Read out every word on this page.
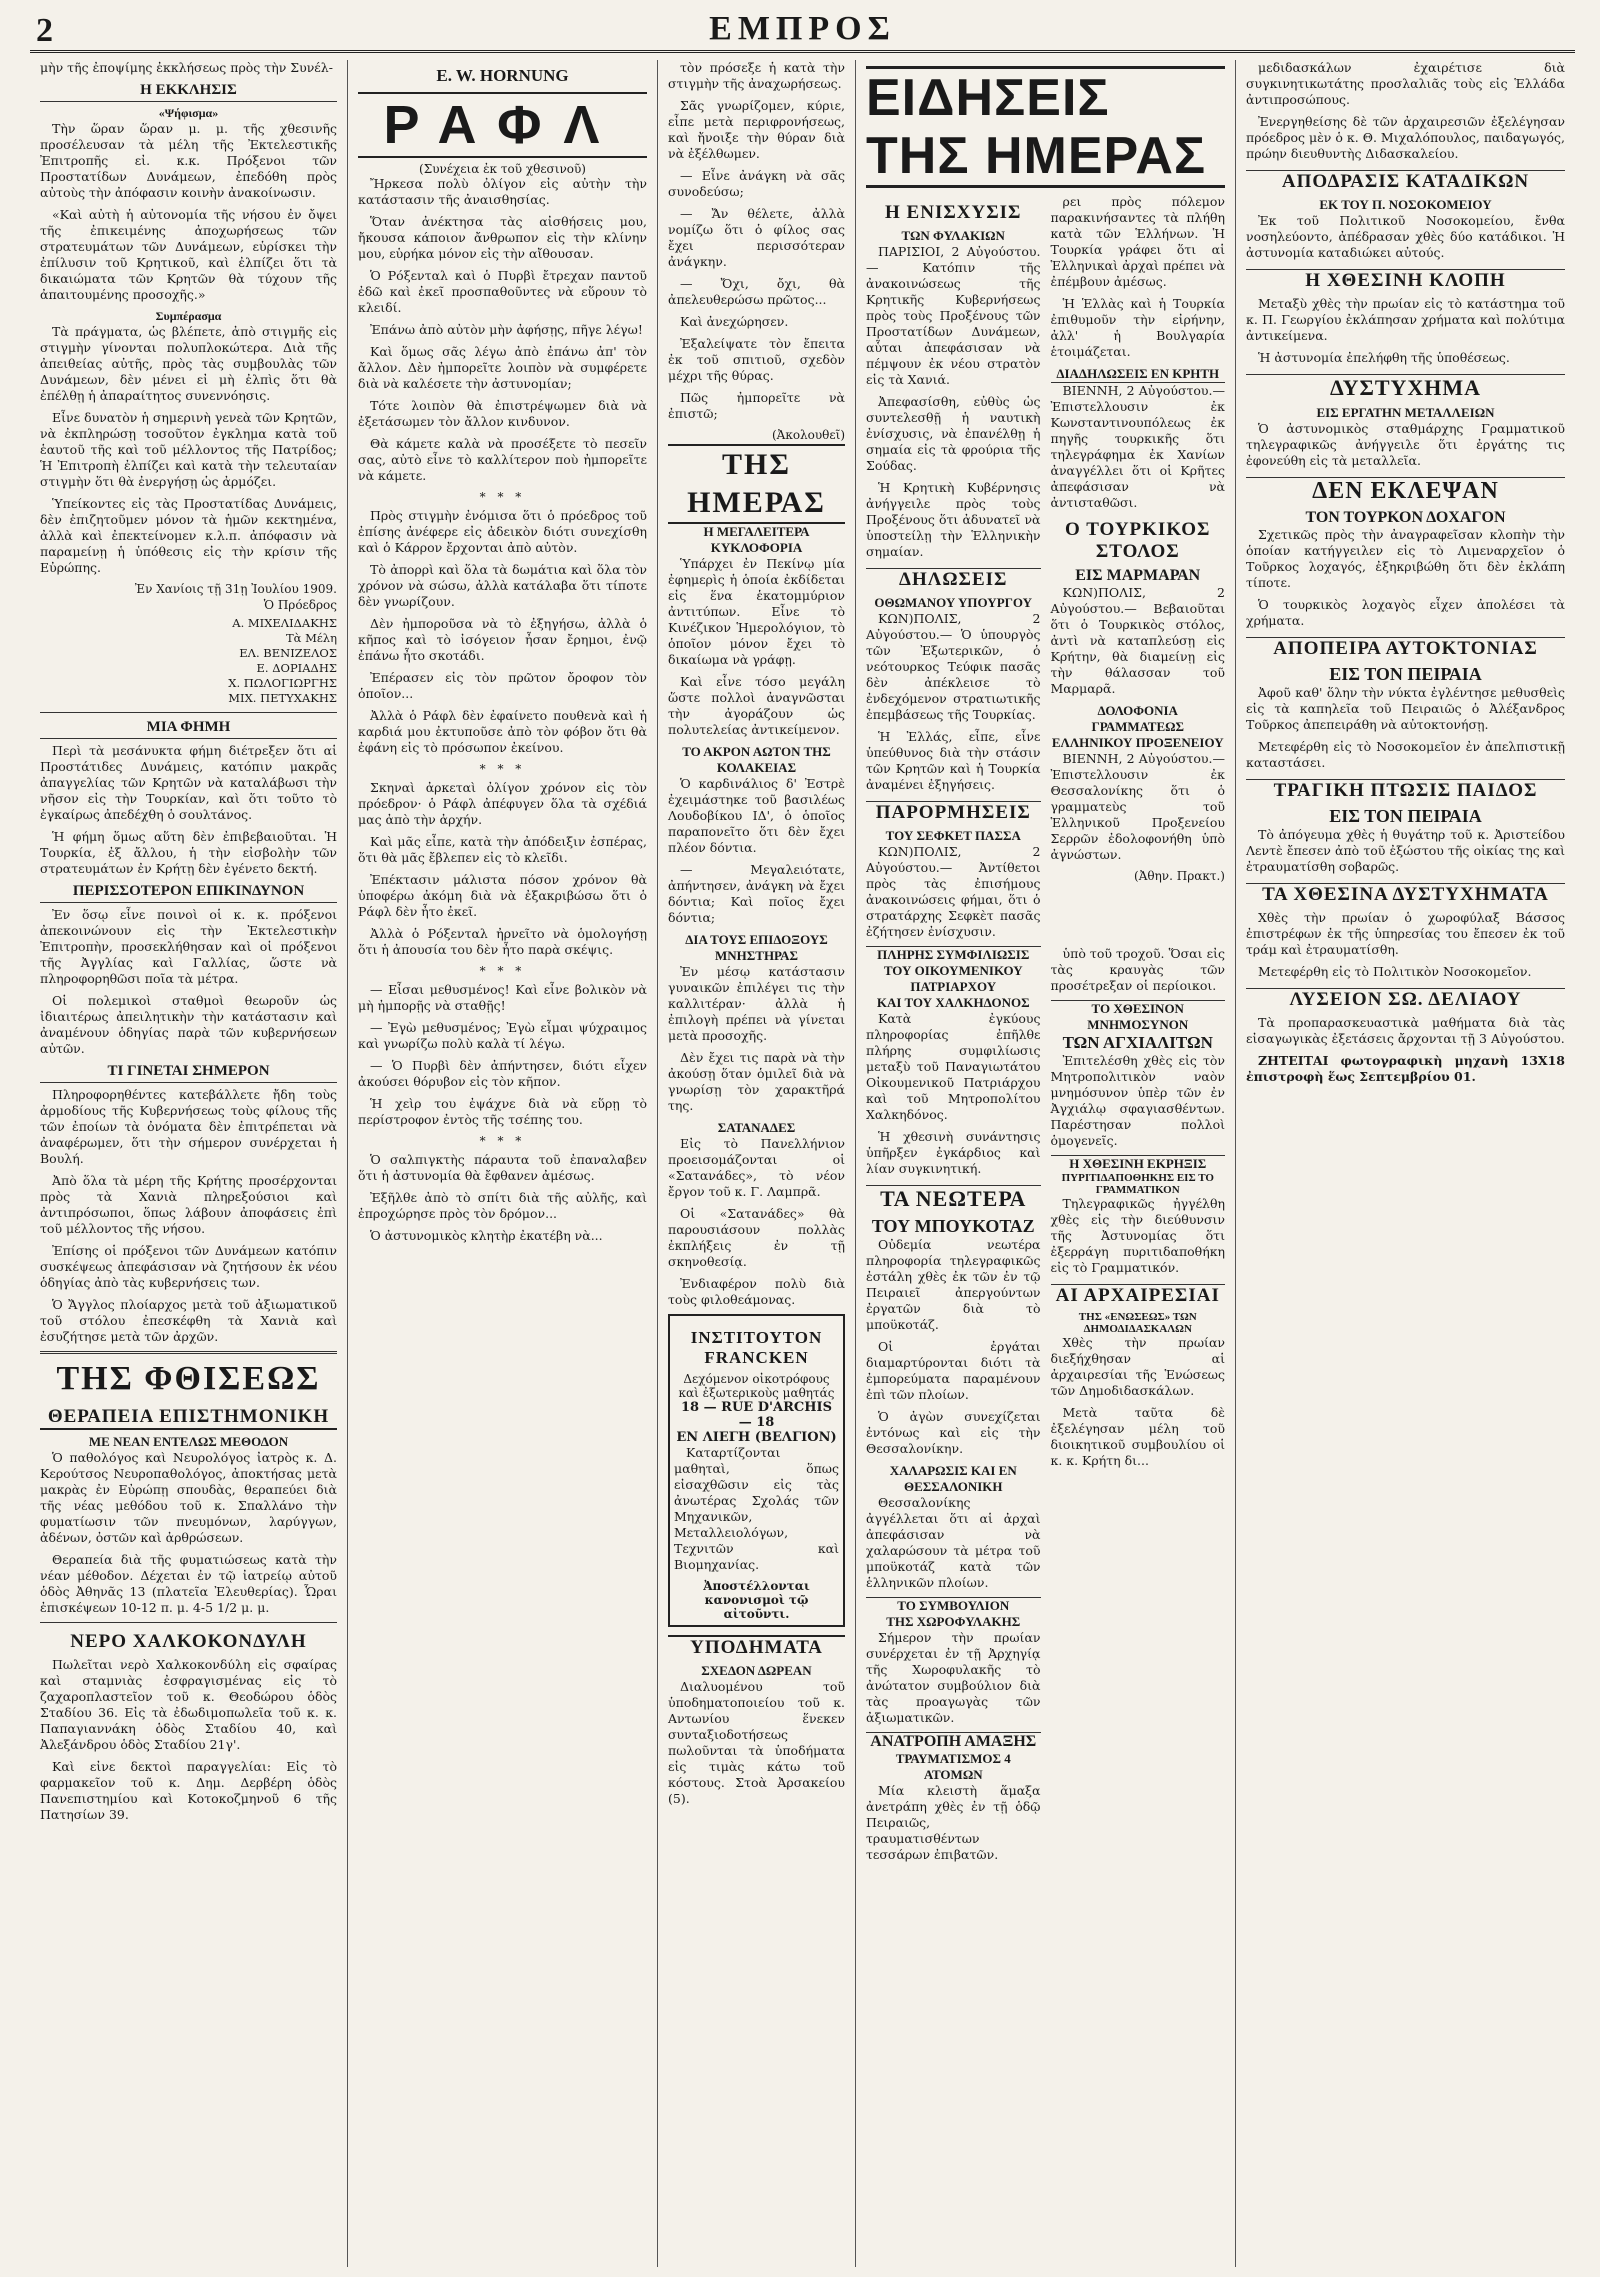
2	ΕΜΠΡΟΣ

μὴν τῆς ἐποψίμης ἐκκλήσεως πρὸς τὴν Συνέλ-

Η ΕΚΚΛΗΣΙΣ
«Ψήφισμα»

Τὴν ὥραν ὥραν μ. μ. τῆς χθεσινῆς προσέλευσαν τὰ μέλη τῆς Ἐκτελεστικῆς Ἐπιτροπῆς εἰ. κ.κ. Πρόξενοι τῶν Προστατίδων Δυνάμεων, ἐπεδόθη πρὸς αὐτοὺς τὴν ἀπόφασιν κοινὴν ἀνακοίνωσιν.

«Καὶ αὐτὴ ἡ αὐτονομία τῆς νήσου ἐν ὄψει τῆς ἐπικειμένης ἀποχωρήσεως τῶν στρατευμάτων τῶν Δυνάμεων, εὑρίσκει τὴν ἐπίλυσιν τοῦ Κρητικοῦ, καὶ ἐλπίζει ὅτι τὰ δικαιώματα τῶν Κρητῶν θὰ τύχουν τῆς ἀπαιτουμένης προσοχῆς.»

Συμπέρασμα

Τὰ πράγματα, ὡς βλέπετε, ἀπὸ στιγμῆς εἰς στιγμὴν γίνονται πολυπλοκώτερα. Διὰ τῆς ἀπειθείας αὐτῆς, πρὸς τὰς συμβουλὰς τῶν Δυνάμεων, δὲν μένει εἰ μὴ ἐλπὶς ὅτι θὰ ἐπέλθῃ ἡ ἀπαραίτητος συνεννόησις.

Εἶνε δυνατὸν ἡ σημερινὴ γενεὰ τῶν Κρητῶν, νὰ ἐκπληρώσῃ τοσοῦτον ἐγκλημα κατὰ τοῦ ἑαυτοῦ τῆς καὶ τοῦ μέλλοντος τῆς Πατρίδος; Ἡ Ἐπιτροπὴ ἐλπίζει καὶ κατὰ τὴν τελευταίαν στιγμὴν ὅτι θὰ ἐνεργήσῃ ὡς ἀρμόζει.

Ὑπείκοντες εἰς τὰς Προστατίδας Δυνάμεις, δὲν ἐπιζητοῦμεν μόνον τὰ ἡμῶν κεκτημένα, ἀλλὰ καὶ ἐπεκτείνομεν κ.λ.π. ἀπόφασιν νὰ παραμείνῃ ἡ ὑπόθεσις εἰς τὴν κρίσιν τῆς Εὐρώπης.

Ἐν Χανίοις τῇ 31ῃ Ἰουλίου 1909.
Ὁ Πρόεδρος
Α. ΜΙΧΕΛΙΔΑΚΗΣ
Τὰ Μέλη
ΕΛ. ΒΕΝΙΖΕΛΟΣ
Ε. ΔΟΡΙΑΔΗΣ
Χ. ΠΩΛΟΓΙΩΡΓΗΣ
ΜΙΧ. ΠΕΤΥΧΑΚΗΣ
ΜΙΑ ΦΗΜΗ

Περὶ τὰ μεσάνυκτα φήμη διέτρεξεν ὅτι αἱ Προστάτιδες Δυνάμεις, κατόπιν μακρᾶς ἀπαγγελίας τῶν Κρητῶν νὰ καταλάβωσι τὴν νῆσον εἰς τὴν Τουρκίαν, καὶ ὅτι τοῦτο τὸ ἐγκαίρως ἀπεδέχθη ὁ σουλτάνος.

Ἡ φήμη ὅμως αὕτη δὲν ἐπιβεβαιοῦται. Ἡ Τουρκία, ἐξ ἄλλου, ἡ τὴν εἰσβολὴν τῶν στρατευμάτων ἐν Κρήτῃ δὲν ἐγένετο δεκτή.

ΠΕΡΙΣΣΟΤΕΡΟΝ ΕΠΙΚΙΝΔΥΝΟΝ

Ἐν ὅσῳ εἶνε ποινοὶ οἱ κ. κ. πρόξενοι ἀπεκοινώνουν εἰς τὴν Ἐκτελεστικὴν Ἐπιτροπὴν, προσεκλήθησαν καὶ οἱ πρόξενοι τῆς Ἀγγλίας καὶ Γαλλίας, ὥστε νὰ πληροφορηθῶσι ποῖα τὰ μέτρα.

Οἱ πολεμικοὶ σταθμοὶ θεωροῦν ὡς ἰδιαιτέρως ἀπειλητικὴν τὴν κατάστασιν καὶ ἀναμένουν ὁδηγίας παρὰ τῶν κυβερνήσεων αὐτῶν.

ΤΙ ΓΙΝΕΤΑΙ ΣΗΜΕΡΟΝ

Πληροφορηθέντες κατεβάλλετε ἤδη τοὺς ἀρμοδίους τῆς Κυβερνήσεως τοὺς φίλους τῆς τῶν ἐποίων τὰ ὀνόματα δὲν ἐπιτρέπεται νὰ ἀναφέρωμεν, ὅτι τὴν σήμερον συνέρχεται ἡ Βουλή.

Ἀπὸ ὅλα τὰ μέρη τῆς Κρήτης προσέρχονται πρὸς τὰ Χανιὰ πληρεξούσιοι καὶ ἀντιπρόσωποι, ὅπως λάβουν ἀποφάσεις ἐπὶ τοῦ μέλλοντος τῆς νήσου.

Ἐπίσης οἱ πρόξενοι τῶν Δυνάμεων κατόπιν συσκέψεως ἀπεφάσισαν νὰ ζητήσουν ἐκ νέου ὁδηγίας ἀπὸ τὰς κυβερνήσεις των.

Ὁ Ἄγγλος πλοίαρχος μετὰ τοῦ ἀξιωματικοῦ τοῦ στόλου ἐπεσκέφθη τὰ Χανιὰ καὶ ἐσυζήτησε μετὰ τῶν ἀρχῶν.

ΤΗΣ ΦΘΙΣΕΩΣ
ΘΕΡΑΠΕΙΑ ΕΠΙΣΤΗΜΟΝΙΚΗ
ΜΕ ΝΕΑΝ ΕΝΤΕΛΩΣ ΜΕΘΟΔΟΝ

Ὁ παθολόγος καὶ Νευρολόγος ἰατρὸς κ. Δ. Κερούτσος Νευροπαθολόγος, ἀποκτήσας μετὰ μακρὰς ἐν Εὐρώπῃ σπουδὰς, θεραπεύει διὰ τῆς νέας μεθόδου τοῦ κ. Σπαλλάνο τὴν φυματίωσιν τῶν πνευμόνων, λαρύγγων, ἀδένων, ὀστῶν καὶ ἀρθρώσεων.

Θεραπεία διὰ τῆς φυματιώσεως κατὰ τὴν νέαν μέθοδον. Δέχεται ἐν τῷ ἰατρείῳ αὐτοῦ ὁδὸς Ἀθηνᾶς 13 (πλατεῖα Ἐλευθερίας). Ὧραι ἐπισκέψεων 10-12 π. μ. 4-5 1/2 μ. μ.

ΝΕΡΟ ΧΑΛΚΟΚΟΝΔΥΛΗ

Πωλεῖται νερὸ Χαλκοκονδύλη εἰς σφαίρας καὶ σταμνιὰς ἐσφραγισμένας εἰς τὸ ζαχαροπλαστεῖον τοῦ κ. Θεοδώρου ὁδὸς Σταδίου 36. Εἰς τὰ ἐδωδιμοπωλεῖα τοῦ κ. κ. Παπαγιαννάκη ὁδὸς Σταδίου 40, καὶ Ἀλεξάνδρου ὁδὸς Σταδίου 21γ'.

Καὶ εἰνε δεκτοὶ παραγγελίαι: Εἰς τὸ φαρμακεῖον τοῦ κ. Δημ. Δερβέρη ὁδὸς Πανεπιστημίου καὶ Κοτοκοζμηνοῦ 6 τῆς Πατησίων 39.

E. W. HORNUNG
ΡΑΦΛ
(Συνέχεια ἐκ τοῦ χθεσινοῦ)

Ἤρκεσα πολὺ ὀλίγον εἰς αὐτὴν τὴν κατάστασιν τῆς ἀναισθησίας.

Ὅταν ἀνέκτησα τὰς αἰσθήσεις μου, ἤκουσα κάποιον ἄνθρωπον εἰς τὴν κλίνην μου, εὑρήκα μόνον εἰς τὴν αἴθουσαν.

Ὁ Ρόξενταλ καὶ ὁ Πυρβὶ ἔτρεχαν παντοῦ ἐδῶ καὶ ἐκεῖ προσπαθοῦντες νὰ εὕρουν τὸ κλειδί.

Ἐπάνω ἀπὸ αὐτὸν μὴν ἀφήσῃς, πῆγε λέγω!

Καὶ ὅμως σᾶς λέγω ἀπὸ ἐπάνω ἀπ' τὸν ἄλλον. Δὲν ἠμπορεῖτε λοιπὸν νὰ συμφέρετε διὰ νὰ καλέσετε τὴν ἀστυνομίαν;

Τότε λοιπὸν θὰ ἐπιστρέψωμεν διὰ νὰ ἐξετάσωμεν τὸν ἄλλον κινδυνον.

Θὰ κάμετε καλὰ νὰ προσέξετε τὸ πεσεῖν σας, αὐτὸ εἶνε τὸ καλλίτερον ποὺ ἠμπορεῖτε νὰ κάμετε.

* * *

Πρὸς στιγμὴν ἐνόμισα ὅτι ὁ πρόεδρος τοῦ ἐπίσης ἀνέφερε εἰς ἀδεικὸν διότι συνεχίσθη καὶ ὁ Κάρρον ἔρχονται ἀπὸ αὐτὸν.

Τὸ ἀπορρὶ καὶ ὅλα τὰ δωμάτια καὶ ὅλα τὸν χρόνον νὰ σώσω, ἀλλὰ κατάλαβα ὅτι τίποτε δὲν γνωρίζουν.

Δὲν ἠμποροῦσα νὰ τὸ ἐξηγήσω, ἀλλὰ ὁ κῆπος καὶ τὸ ἰσόγειον ἦσαν ἔρημοι, ἐνῷ ἐπάνω ἦτο σκοτάδι.

Ἐπέρασεν εἰς τὸν πρῶτον ὄροφον τὸν ὁποῖον...

Ἀλλὰ ὁ Ράφλ δὲν ἐφαίνετο πουθενὰ καὶ ἡ καρδιά μου ἐκτυποῦσε ἀπὸ τὸν φόβον ὅτι θὰ ἐφάνη εἰς τὸ πρόσωπον ἐκείνου.

* * *

Σκηναὶ ἀρκεταὶ ὀλίγον χρόνον εἰς τὸν πρόεδρον· ὁ Ράφλ ἀπέφυγεν ὅλα τὰ σχέδιά μας ἀπὸ τὴν ἀρχήν.

Καὶ μᾶς εἶπε, κατὰ τὴν ἀπόδειξιν ἐσπέρας, ὅτι θὰ μᾶς ἔβλεπεν εἰς τὸ κλεῖδι.

Ἐπέκτασιν μάλιστα πόσον χρόνον θὰ ὑποφέρω ἀκόμη διὰ νὰ ἐξακριβώσω ὅτι ὁ Ράφλ δὲν ἦτο ἐκεῖ.

Ἀλλὰ ὁ Ρόξενταλ ἠρνεῖτο νὰ ὁμολογήσῃ ὅτι ἡ ἀπουσία του δὲν ἦτο παρὰ σκέψις.

* * *

— Εἶσαι μεθυσμένος! Καὶ εἶνε βολικὸν νὰ μὴ ἠμπορῇς νὰ σταθῇς!

— Ἐγὼ μεθυσμένος; Ἐγὼ εἶμαι ψύχραιμος καὶ γνωρίζω πολὺ καλὰ τί λέγω.

— Ὁ Πυρβὶ δὲν ἀπήντησεν, διότι εἶχεν ἀκούσει θόρυβον εἰς τὸν κῆπον.

Ἡ χεὶρ του ἐψάχνε διὰ νὰ εὕρῃ τὸ περίστροφον ἐντὸς τῆς τσέπης του.

* * *

Ὁ σαλπιγκτὴς πάραυτα τοῦ ἐπαναλαβεν ὅτι ἡ ἀστυνομία θὰ ἔφθανεν ἀμέσως.

Ἐξῆλθε ἀπὸ τὸ σπίτι διὰ τῆς αὐλῆς, καὶ ἐπροχώρησε πρὸς τὸν δρόμον...

Ὁ ἀστυνομικὸς κλητὴρ ἐκατέβη νὰ...

τὸν πρόσεξε ἡ κατὰ τὴν στιγμὴν τῆς ἀναχωρήσεως.

Σᾶς γνωρίζομεν, κύριε, εἶπε μετὰ περιφρονήσεως, καὶ ἤνοιξε τὴν θύραν διὰ νὰ ἐξέλθωμεν.

— Εἶνε ἀνάγκη νὰ σᾶς συνοδεύσω;

— Ἄν θέλετε, ἀλλὰ νομίζω ὅτι ὁ φίλος σας ἔχει περισσότεραν ἀνάγκην.

— Ὄχι, ὄχι, θὰ ἀπελευθερώσω πρῶτος...

Καὶ ἀνεχώρησεν.

Ἐξαλείψατε τὸν ἔπειτα ἐκ τοῦ σπιτιοῦ, σχεδὸν μέχρι τῆς θύρας.

Πῶς ἠμπορεῖτε νὰ ἐπιστῶ;

(Ἀκολουθεῖ)
ΤΗΣ ΗΜΕΡΑΣ
Η ΜΕΓΑΛΕΙΤΕΡΑ ΚΥΚΛΟΦΟΡΙΑ

Ὑπάρχει ἐν Πεκίνῳ μία ἐφημερὶς ἡ ὁποία ἐκδίδεται εἰς ἕνα ἑκατομμύριον ἀντιτύπων. Εἶνε τὸ Κινέζικον Ἡμερολόγιον, τὸ ὁποῖον μόνον ἔχει τὸ δικαίωμα νὰ γράφῃ.

Καὶ εἶνε τόσο μεγάλη ὥστε πολλοὶ ἀναγνῶσται τὴν ἀγοράζουν ὡς πολυτελείας ἀντικείμενον.

ΤΟ ΑΚΡΟΝ ΑΩΤΟΝ ΤΗΣ ΚΟΛΑΚΕΙΑΣ

Ὁ καρδινάλιος δ' Ἐστρὲ ἐχειμάστηκε τοῦ βασιλέως Λουδοβίκου ΙΔ', ὁ ὁποῖος παραπονεῖτο ὅτι δὲν ἔχει πλέον δόντια.

— Μεγαλειότατε, ἀπήντησεν, ἀνάγκη νὰ ἔχει δόντια; Καὶ ποῖος ἔχει δόντια;

ΔΙΑ ΤΟΥΣ ΕΠΙΔΟΞΟΥΣ ΜΝΗΣΤΗΡΑΣ

Ἐν μέσῳ κατάστασιν γυναικῶν ἐπιλέγει τις τὴν καλλιτέραν· ἀλλὰ ἡ ἐπιλογὴ πρέπει νὰ γίνεται μετὰ προσοχῆς.

Δὲν ἔχει τις παρὰ νὰ τὴν ἀκούσῃ ὅταν ὁμιλεῖ διὰ νὰ γνωρίσῃ τὸν χαρακτῆρά της.

ΣΑΤΑΝΑΔΕΣ

Εἰς τὸ Πανελλήνιον προεισομάζονται οἱ «Σατανάδες», τὸ νέον ἔργον τοῦ κ. Γ. Λαμπρᾶ.

Οἱ «Σατανάδες» θὰ παρουσιάσουν πολλὰς ἐκπλήξεις ἐν τῇ σκηνοθεσίᾳ.

Ἐνδιαφέρον πολὺ διὰ τοὺς φιλοθεάμονας.

ΙΝΣΤΙΤΟΥΤΟΝ FRANCKEN
Δεχόμενον οἰκοτρόφους καὶ ἐξωτερικοὺς μαθητάς
18 — RUE D'ARCHIS — 18
ΕΝ ΛΙΕΓΗ (ΒΕΛΓΙΟΝ)

Καταρτίζονται μαθηταὶ, ὅπως εἰσαχθῶσιν εἰς τὰς ἀνωτέρας Σχολάς τῶν Μηχανικῶν, Μεταλλειολόγων, Τεχνιτῶν καὶ Βιομηχανίας.

Ἀποστέλλονται κανονισμοὶ τῷ αἰτοῦντι.
ΥΠΟΔΗΜΑΤΑ
ΣΧΕΔΟΝ ΔΩΡΕΑΝ

Διαλυομένου τοῦ ὑποδηματοποιείου τοῦ κ. Αντωνίου ἕνεκεν συνταξιοδοτήσεως πωλοῦνται τὰ ὑποδήματα εἰς τιμὰς κάτω τοῦ κόστους. Στοὰ Ἀρσακείου (5).

ΕΙΔΗΣΕΙΣ ΤΗΣ ΗΜΕΡΑΣ
Η ΕΝΙΣΧΥΣΙΣ
ΤΩΝ ΦΥΛΑΚΙΩΝ

ΠΑΡΙΣΙΟΙ, 2 Αὐγούστου.— Κατόπιν τῆς ἀνακοινώσεως τῆς Κρητικῆς Κυβερνήσεως πρὸς τοὺς Προξένους τῶν Προστατίδων Δυνάμεων, αὗται ἀπεφάσισαν νὰ πέμψουν ἐκ νέου στρατὸν εἰς τὰ Χανιά.

Ἀπεφασίσθη, εὐθὺς ὡς συντελεσθῇ ἡ ναυτικὴ ἐνίσχυσις, νὰ ἐπανέλθῃ ἡ σημαία εἰς τὰ φρούρια τῆς Σούδας.

Ἡ Κρητικὴ Κυβέρνησις ἀνήγγειλε πρὸς τοὺς Προξένους ὅτι ἀδυνατεῖ νὰ ὑποστείλῃ τὴν Ἑλληνικὴν σημαίαν.

ΔΗΛΩΣΕΙΣ
ΟΘΩΜΑΝΟΥ ΥΠΟΥΡΓΟΥ

ΚΩΝ)ΠΟΛΙΣ, 2 Αὐγούστου.— Ὁ ὑπουργὸς τῶν Ἐξωτερικῶν, ὁ νεότουρκος Τεύφικ πασᾶς δὲν ἀπέκλεισε τὸ ἐνδεχόμενον στρατιωτικῆς ἐπεμβάσεως τῆς Τουρκίας.

Ἡ Ἑλλάς, εἶπε, εἶνε ὑπεύθυνος διὰ τὴν στάσιν τῶν Κρητῶν καὶ ἡ Τουρκία ἀναμένει ἐξηγήσεις.

ΠΑΡΟΡΜΗΣΕΙΣ
ΤΟΥ ΣΕΦΚΕΤ ΠΑΣΣΑ

ΚΩΝ)ΠΟΛΙΣ, 2 Αὐγούστου.— Ἀντίθετοι πρὸς τὰς ἐπισήμους ἀνακοινώσεις φήμαι, ὅτι ὁ στρατάρχης Σεφκὲτ πασᾶς ἐζήτησεν ἐνίσχυσιν.

ρει πρὸς πόλεμον παρακινήσαντες τὰ πλήθη κατὰ τῶν Ἑλλήνων. Ἡ Τουρκία γράφει ὅτι αἱ Ἑλληνικαὶ ἀρχαὶ πρέπει νὰ ἐπέμβουν ἀμέσως.

Ἡ Ἑλλὰς καὶ ἡ Τουρκία ἐπιθυμοῦν τὴν εἰρήνην, ἀλλ' ἡ Βουλγαρία ἑτοιμάζεται.

ΔΙΑΔΗΛΩΣΕΙΣ ΕΝ ΚΡΗΤΗ

ΒΙΕΝΝΗ, 2 Αὐγούστου.— Ἐπιστελλουσιν ἐκ Κωνσταντινουπόλεως ἐκ πηγῆς τουρκικῆς ὅτι τηλεγράφημα ἐκ Χανίων ἀναγγέλλει ὅτι οἱ Κρῆτες ἀπεφάσισαν νὰ ἀντισταθῶσι.

Ο ΤΟΥΡΚΙΚΟΣ ΣΤΟΛΟΣ
ΕΙΣ ΜΑΡΜΑΡΑΝ

ΚΩΝ)ΠΟΛΙΣ, 2 Αὐγούστου.— Βεβαιοῦται ὅτι ὁ Τουρκικὸς στόλος, ἀντὶ νὰ καταπλεύσῃ εἰς Κρήτην, θὰ διαμείνῃ εἰς τὴν θάλασσαν τοῦ Μαρμαρᾶ.

ΔΟΛΟΦΟΝΙΑ ΓΡΑΜΜΑΤΕΩΣ
ΕΛΛΗΝΙΚΟΥ ΠΡΟΞΕΝΕΙΟΥ

ΒΙΕΝΝΗ, 2 Αὐγούστου.— Ἐπιστελλουσιν ἐκ Θεσσαλονίκης ὅτι ὁ γραμματεὺς τοῦ Ἑλληνικοῦ Προξενείου Σερρῶν ἐδολοφονήθη ὑπὸ ἀγνώστων.

(Ἀθην. Πρακτ.)
ΠΛΗΡΗΣ ΣΥΜΦΙΛΙΩΣΙΣ
ΤΟΥ ΟΙΚΟΥΜΕΝΙΚΟΥ ΠΑΤΡΙΑΡΧΟΥ
ΚΑΙ ΤΟΥ ΧΑΛΚΗΔΟΝΟΣ

Κατὰ ἐγκύους πληροφορίας ἐπῆλθε πλήρης συμφιλίωσις μεταξὺ τοῦ Παναγιωτάτου Οἰκουμενικοῦ Πατριάρχου καὶ τοῦ Μητροπολίτου Χαλκηδόνος.

Ἡ χθεσινὴ συνάντησις ὑπῆρξεν ἐγκάρδιος καὶ λίαν συγκινητική.

ΤΑ ΝΕΩΤΕΡΑ
ΤΟΥ ΜΠΟΥΚΟΤΑΖ

Οὐδεμία νεωτέρα πληροφορία τηλεγραφικῶς ἐστάλη χθὲς ἐκ τῶν ἐν τῷ Πειραιεῖ ἀπεργούντων ἐργατῶν διὰ τὸ μποϋκοτάζ.

Οἱ ἐργάται διαμαρτύρονται διότι τὰ ἐμπορεύματα παραμένουν ἐπὶ τῶν πλοίων.

Ὁ ἀγὼν συνεχίζεται ἐντόνως καὶ εἰς τὴν Θεσσαλονίκην.

ΧΑΛΑΡΩΣΙΣ ΚΑΙ ΕΝ ΘΕΣΣΑΛΟΝΙΚΗ

Θεσσαλονίκης ἀγγέλλεται ὅτι αἱ ἀρχαὶ ἀπεφάσισαν νὰ χαλαρώσουν τὰ μέτρα τοῦ μποϋκοτάζ κατὰ τῶν ἑλληνικῶν πλοίων.

ΤΟ ΣΥΜΒΟΥΛΙΟΝ
ΤΗΣ ΧΩΡΟΦΥΛΑΚΗΣ

Σήμερον τὴν πρωίαν συνέρχεται ἐν τῇ Ἀρχηγίᾳ τῆς Χωροφυλακῆς τὸ ἀνώτατον συμβούλιον διὰ τὰς προαγωγὰς τῶν ἀξιωματικῶν.

ΑΝΑΤΡΟΠΗ ΑΜΑΞΗΣ
ΤΡΑΥΜΑΤΙΣΜΟΣ 4 ΑΤΟΜΩΝ

Μία κλειστὴ ἅμαξα ἀνετράπη χθὲς ἐν τῇ ὁδῷ Πειραιῶς, τραυματισθέντων τεσσάρων ἐπιβατῶν.

ὑπὸ τοῦ τροχοῦ. Ὅσαι εἰς τὰς κραυγὰς τῶν προσέτρεξαν οἱ περίοικοι.

ΤΟ ΧΘΕΣΙΝΟΝ ΜΝΗΜΟΣΥΝΟΝ
ΤΩΝ ΑΓΧΙΑΛΙΤΩΝ

Ἐπιτελέσθη χθὲς εἰς τὸν Μητροπολιτικὸν ναὸν μνημόσυνον ὑπὲρ τῶν ἐν Ἀγχιάλῳ σφαγιασθέντων. Παρέστησαν πολλοὶ ὁμογενεῖς.

Η ΧΘΕΣΙΝΗ ΕΚΡΗΞΙΣ
ΠΥΡΙΤΙΔΑΠΟΘΗΚΗΣ ΕΙΣ ΤΟ ΓΡΑΜΜΑΤΙΚΟΝ

Τηλεγραφικῶς ἠγγέλθη χθὲς εἰς τὴν διεύθυνσιν τῆς Ἀστυνομίας ὅτι ἐξερράγη πυριτιδαποθήκη εἰς τὸ Γραμματικόν.

ΑΙ ΑΡΧΑΙΡΕΣΙΑΙ
ΤΗΣ «ΕΝΩΣΕΩΣ» ΤΩΝ ΔΗΜΟΔΙΔΑΣΚΑΛΩΝ

Χθὲς τὴν πρωίαν διεξήχθησαν αἱ ἀρχαιρεσίαι τῆς Ἑνώσεως τῶν Δημοδιδασκάλων.

Μετὰ ταῦτα δὲ ἐξελέγησαν μέλη τοῦ διοικητικοῦ συμβουλίου οἱ κ. κ. Κρήτη δι...

μεδιδασκάλων ἐχαιρέτισε διὰ συγκινητικωτάτης προσλαλιᾶς τοὺς εἰς Ἑλλάδα ἀντιπροσώπους.

Ἐνεργηθείσης δὲ τῶν ἀρχαιρεσιῶν ἐξελέγησαν πρόεδρος μὲν ὁ κ. Θ. Μιχαλόπουλος, παιδαγωγός, πρώην διευθυντὴς Διδασκαλείου.

ΑΠΟΔΡΑΣΙΣ ΚΑΤΑΔΙΚΩΝ
ΕΚ ΤΟΥ Π. ΝΟΣΟΚΟΜΕΙΟΥ

Ἐκ τοῦ Πολιτικοῦ Νοσοκομείου, ἔνθα νοσηλεύοντο, ἀπέδρασαν χθὲς δύο κατάδικοι. Ἡ ἀστυνομία καταδιώκει αὐτούς.

Η ΧΘΕΣΙΝΗ ΚΛΟΠΗ

Μεταξὺ χθὲς τὴν πρωίαν εἰς τὸ κατάστημα τοῦ κ. Π. Γεωργίου ἐκλάπησαν χρήματα καὶ πολύτιμα ἀντικείμενα.

Ἡ ἀστυνομία ἐπελήφθη τῆς ὑποθέσεως.

ΔΥΣΤΥΧΗΜΑ
ΕΙΣ ΕΡΓΑΤΗΝ ΜΕΤΑΛΛΕΙΩΝ

Ὁ ἀστυνομικὸς σταθμάρχης Γραμματικοῦ τηλεγραφικῶς ἀνήγγειλε ὅτι ἐργάτης τις ἐφονεύθη εἰς τὰ μεταλλεῖα.

ΔΕΝ ΕΚΛΕΨΑΝ
ΤΟΝ ΤΟΥΡΚΟΝ ΔΟΧΑΓΟΝ

Σχετικῶς πρὸς τὴν ἀναγραφεῖσαν κλοπὴν τὴν ὁποίαν κατήγγειλεν εἰς τὸ Λιμεναρχεῖον ὁ Τοῦρκος λοχαγός, ἐξηκριβώθη ὅτι δὲν ἐκλάπη τίποτε.

Ὁ τουρκικὸς λοχαγὸς εἶχεν ἀπολέσει τὰ χρήματα.

ΑΠΟΠΕΙΡΑ ΑΥΤΟΚΤΟΝΙΑΣ
ΕΙΣ ΤΟΝ ΠΕΙΡΑΙΑ

Ἀφοῦ καθ' ὅλην τὴν νύκτα ἐγλέντησε μεθυσθεὶς εἰς τὰ καπηλεῖα τοῦ Πειραιῶς ὁ Ἀλέξανδρος Τοῦρκος ἀπεπειράθη νὰ αὐτοκτονήσῃ.

Μετεφέρθη εἰς τὸ Νοσοκομεῖον ἐν ἀπελπιστικῇ καταστάσει.

ΤΡΑΓΙΚΗ ΠΤΩΣΙΣ ΠΑΙΔΟΣ
ΕΙΣ ΤΟΝ ΠΕΙΡΑΙΑ

Τὸ ἀπόγευμα χθὲς ἡ θυγάτηρ τοῦ κ. Ἀριστείδου Λεντὲ ἔπεσεν ἀπὸ τοῦ ἐξώστου τῆς οἰκίας της καὶ ἐτραυματίσθη σοβαρῶς.

ΤΑ ΧΘΕΣΙΝΑ ΔΥΣΤΥΧΗΜΑΤΑ

Χθὲς τὴν πρωίαν ὁ χωροφύλαξ Βάσσος ἐπιστρέφων ἐκ τῆς ὑπηρεσίας του ἔπεσεν ἐκ τοῦ τράμ καὶ ἐτραυματίσθη.

Μετεφέρθη εἰς τὸ Πολιτικὸν Νοσοκομεῖον.

ΛΥΣΕΙΟΝ ΣΩ. ΔΕΛΙΑΟΥ

Τὰ προπαρασκευαστικὰ μαθήματα διὰ τὰς εἰσαγωγικὰς ἐξετάσεις ἄρχονται τῇ 3 Αὐγούστου.

ΖΗΤΕΙΤΑΙ φωτογραφικὴ μηχανὴ 13Χ18 ἐπιστροφὴ ἕως Σεπτεμβρίου 01.
